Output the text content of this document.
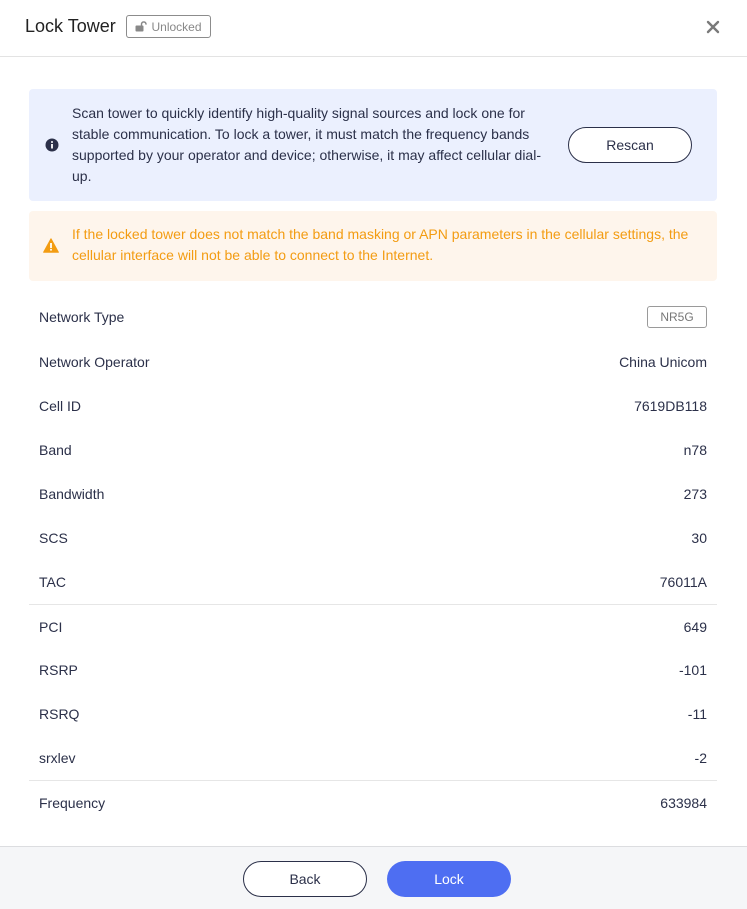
Lock Tower	Unlocked
Scan tower to quickly identify high-quality signal sources and lock one for stable communication. To lock a tower, it must match the frequency bands supported by your operator and device; otherwise, it may affect cellular dial-up.
Rescan
If the locked tower does not match the band masking or APN parameters in the cellular settings, the cellular interface will not be able to connect to the Internet.
Network Type	NR5G
Network Operator	China Unicom
Cell ID	7619DB118
Band	n78
Bandwidth	273
SCS	30
TAC	76011A
PCI	649
RSRP	-101
RSRQ	-11
srxlev	-2
Frequency	633984
Back	Lock
